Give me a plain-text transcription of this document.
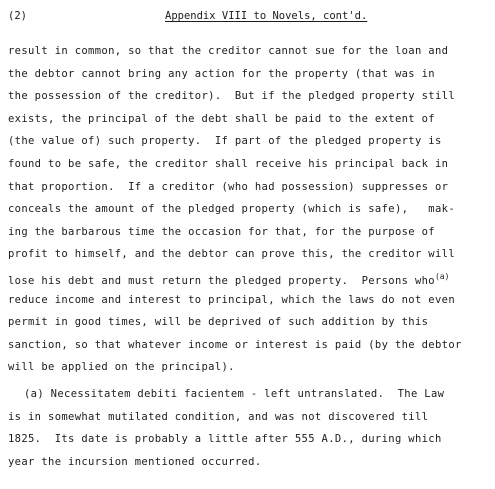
(2)	Appendix VIII to Novels, cont'd.
result in common, so that the creditor cannot sue for the loan and
the debtor cannot bring any action for the property (that was in
the possession of the creditor).  But if the pledged property still
exists, the principal of the debt shall be paid to the extent of
(the value of) such property.  If part of the pledged property is
found to be safe, the creditor shall receive his principal back in
that proportion.  If a creditor (who had possession) suppresses or
conceals the amount of the pledged property (which is safe),   mak-
ing the barbarous time the occasion for that, for the purpose of
profit to himself, and the debtor can prove this, the creditor will
lose his debt and must return the pledged property.  Persons who$^{(a)}$
reduce income and interest to principal, which the laws do not even
permit in good times, will be deprived of such addition by this
sanction, so that whatever income or interest is paid (by the debtor
will be applied on the principal).
(a) Necessitatem debiti facientem - left untranslated.  The Law
is in somewhat mutilated condition, and was not discovered till
1825.  Its date is probably a little after 555 A.D., during which
year the incursion mentioned occurred.
